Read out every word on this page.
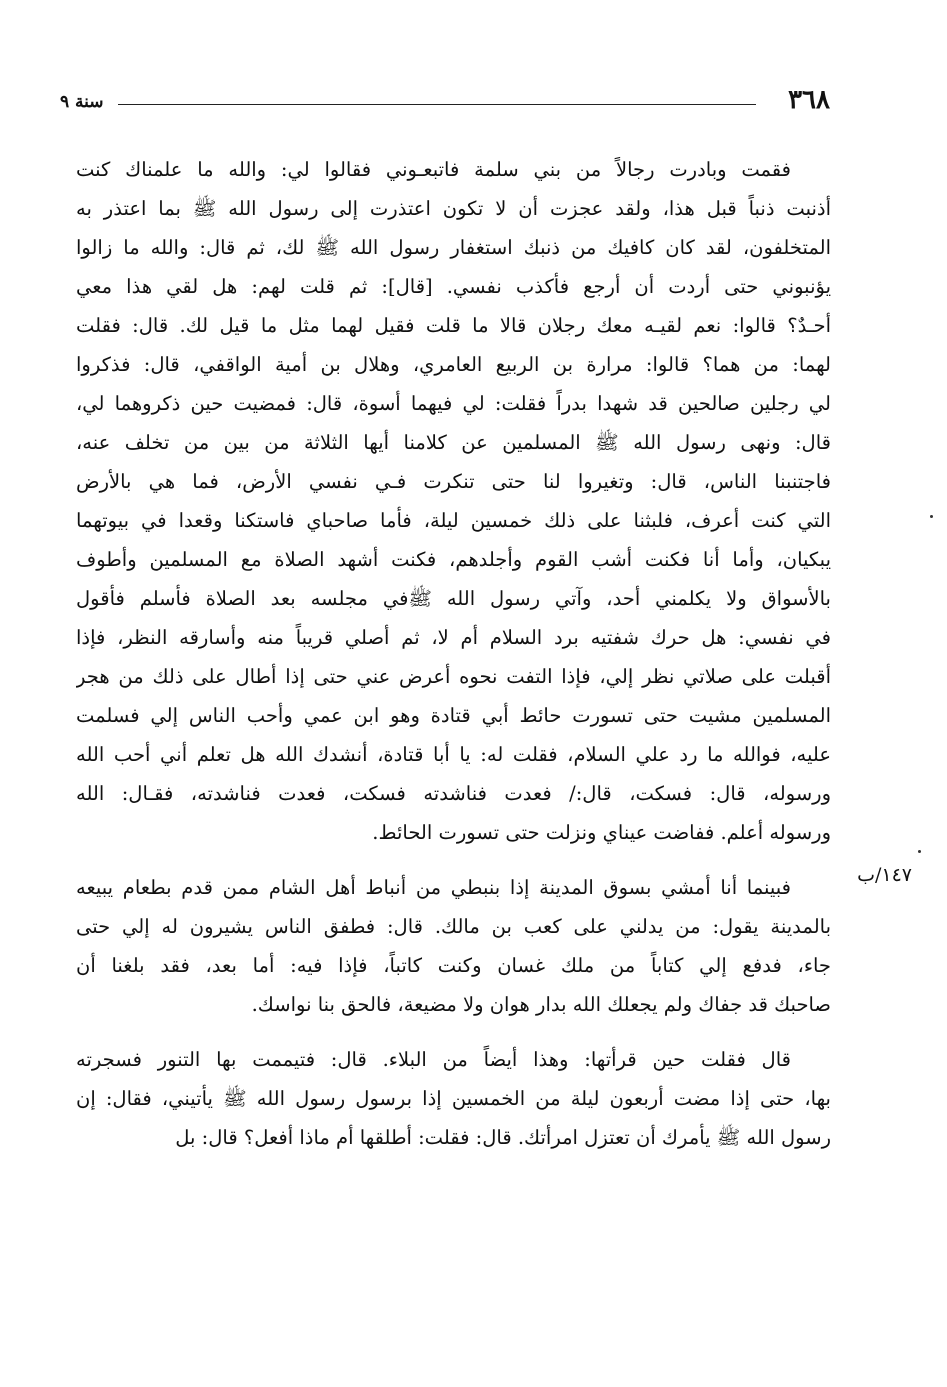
٣٦٨
سنة ٩
١٤٧/ب
فقمت وبادرت رجالاً من بني سلمة فاتبعـوني فقالوا لي: والله ما علمناك كنت
أذنبت ذنباً قبل هذا، ولقد عجزت أن لا تكون اعتذرت إلى رسول الله ﷺ بما اعتذر به
المتخلفون، لقد كان كافيك من ذنبك استغفار رسول الله ﷺ لك، ثم قال: والله ما زالوا
يؤنبوني حتى أردت أن أرجع فأكذب نفسي. [قال]: ثم قلت لهم: هل لقي هذا معي
أحـدٌ؟ قالوا: نعم لقيـه معك رجلان قالا ما قلت فقيل لهما مثل ما قيل لك. قال: فقلت
لهما: من هما؟ قالوا: مرارة بن الربيع العامري، وهلال بن أمية الواقفي، قال: فذكروا
لي رجلين صالحين قد شهدا بدراً فقلت: لي فيهما أسوة، قال: فمضيت حين ذكروهما لي،
قال: ونهى رسول الله ﷺ المسلمين عن كلامنا أيها الثلاثة من بين من تخلف عنه،
فاجتنبنا الناس، قال: وتغيروا لنا حتى تنكرت فـي نفسي الأرض، فما هي بالأرض
التي كنت أعرف، فلبثنا على ذلك خمسين ليلة، فأما صاحباي فاستكنا وقعدا في بيوتهما
يبكيان، وأما أنا فكنت أشب القوم وأجلدهم، فكنت أشهد الصلاة مع المسلمين وأطوف
بالأسواق ولا يكلمني أحد، وآتي رسول الله ﷺفي مجلسه بعد الصلاة فأسلم فأقول
في نفسي: هل حرك شفتيه برد السلام أم لا، ثم أصلي قريباً منه وأسارقه النظر، فإذا
أقبلت على صلاتي نظر إلي، فإذا التفت نحوه أعرض عني حتى إذا أطال على ذلك من هجر
المسلمين مشيت حتى تسورت حائط أبي قتادة وهو ابن عمي وأحب الناس إلي فسلمت
عليه، فوالله ما رد علي السلام، فقلت له: يا أبا قتادة، أنشدك الله هل تعلم أني أحب الله
ورسوله، قال: فسكت، قال:/ فعدت فناشدته فسكت، فعدت فناشدته، فقـال: الله
ورسوله أعلم. ففاضت عيناي ونزلت حتى تسورت الحائط.
فبينما أنا أمشي بسوق المدينة إذا بنبطي من أنباط أهل الشام ممن قدم بطعام يبيعه
بالمدينة يقول: من يدلني على كعب بن مالك. قال: فطفق الناس يشيرون له إلي حتى
جاء، فدفع إلي كتاباً من ملك غسان وكنت كاتباً، فإذا فيه: أما بعد، فقد بلغنا أن
صاحبك قد جفاك ولم يجعلك الله بدار هوان ولا مضيعة، فالحق بنا نواسك.
قال فقلت حين قرأتها: وهذا أيضاً من البلاء. قال: فتيممت بها التنور فسجرته
بها، حتى إذا مضت أربعون ليلة من الخمسين إذا برسول رسول الله ﷺ يأتيني، فقال: إن
رسول الله ﷺ يأمرك أن تعتزل امرأتك. قال: فقلت: أطلقها أم ماذا أفعل؟ قال: بل
